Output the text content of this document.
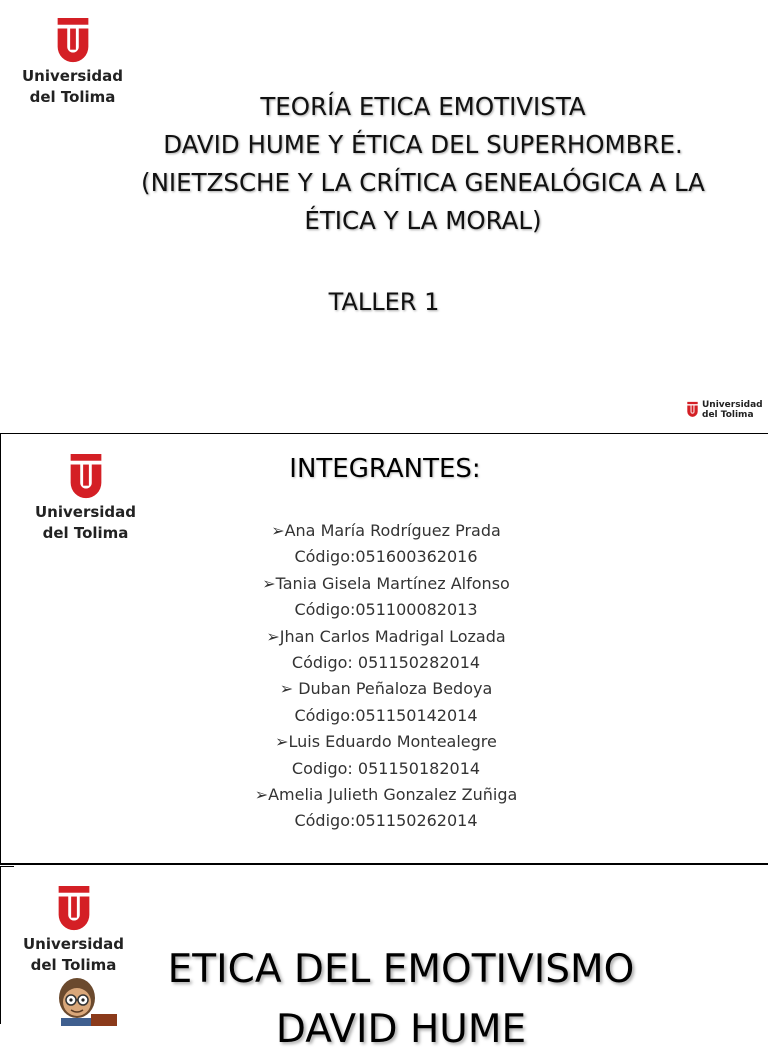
Universidad
del Tolima	TEORÍA ETICA EMOTIVISTA
DAVID HUME Y ÉTICA DEL SUPERHOMBRE.
(NIETZSCHE Y LA CRÍTICA GENEALÓGICA A LA
ÉTICA Y LA MORAL)
TALLER 1
Universidad
del Tolima
Universidad
del Tolima
INTEGRANTES:
➢Ana María Rodríguez Prada
Código:051600362016
➢Tania Gisela Martínez Alfonso
Código:051100082013
➢Jhan Carlos Madrigal Lozada
Código: 051150282014
➢ Duban Peñaloza Bedoya
Código:051150142014
➢Luis Eduardo Montealegre
Codigo: 051150182014
➢Amelia Julieth Gonzalez Zuñiga
Código:051150262014
Universidad
del Tolima	ETICA DEL EMOTIVISMO
DAVID HUME
